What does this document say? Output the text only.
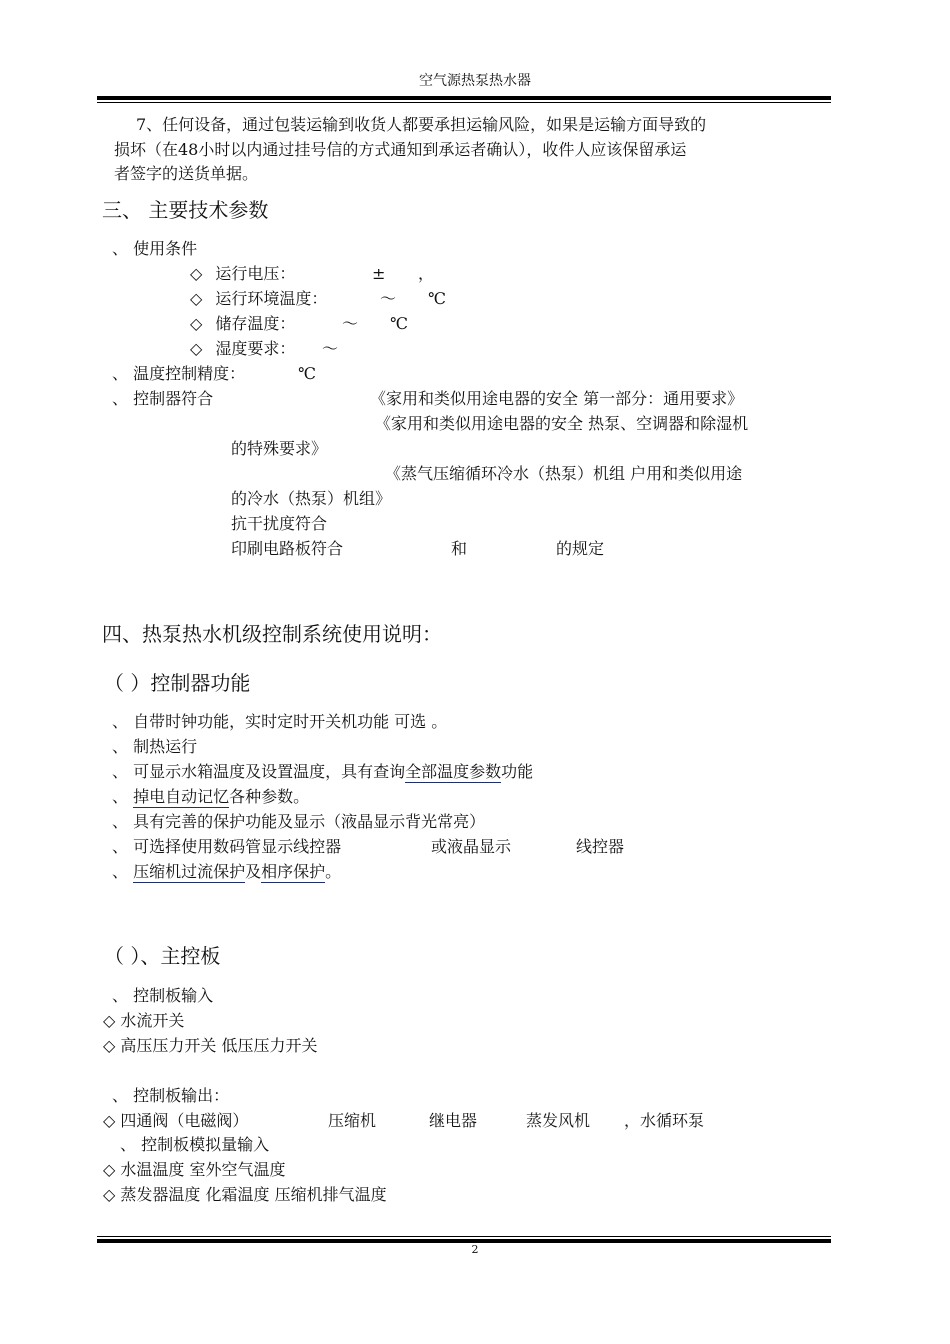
空气源热泵热水器
7、任何设备，通过包装运输到收货人都要承担运输风险，如果是运输方面导致的
损坏（在48小时以内通过挂号信的方式通知到承运者确认），收件人应该保留承运
者签字的送货单据。
三、 主要技术参数
、 使用条件
◇ 运行电压：	± ，
◇ 运行环境温度：	～ ℃
◇ 储存温度：	～ ℃
◇ 湿度要求： ～
、 温度控制精度：	℃
、 控制器符合	《家用和类似用途电器的安全 第一部分：通用要求》
《家用和类似用途电器的安全 热泵、空调器和除湿机
的特殊要求》
《蒸气压缩循环冷水（热泵）机组 户用和类似用途
的冷水（热泵）机组》
抗干扰度符合
印刷电路板符合	和	的规定
四、热泵热水机级控制系统使用说明：
（ ）控制器功能
、 自带时钟功能，实时定时开关机功能 可选 。
、 制热运行
、 可显示水箱温度及设置温度，具有查询全部温度参数功能
、 掉电自动记忆各种参数。
、 具有完善的保护功能及显示（液晶显示背光常亮）
、 可选择使用数码管显示线控器	或液晶显示	线控器
、 压缩机过流保护及相序保护。
（ ）、主控板
、 控制板输入
◇ 水流开关
◇ 高压压力开关 低压压力开关
、 控制板输出：
◇ 四通阀（电磁阀）	压缩机	继电器	蒸发风机 ，水循环泵
、 控制板模拟量输入
◇ 水温温度 室外空气温度
◇ 蒸发器温度 化霜温度 压缩机排气温度
2
